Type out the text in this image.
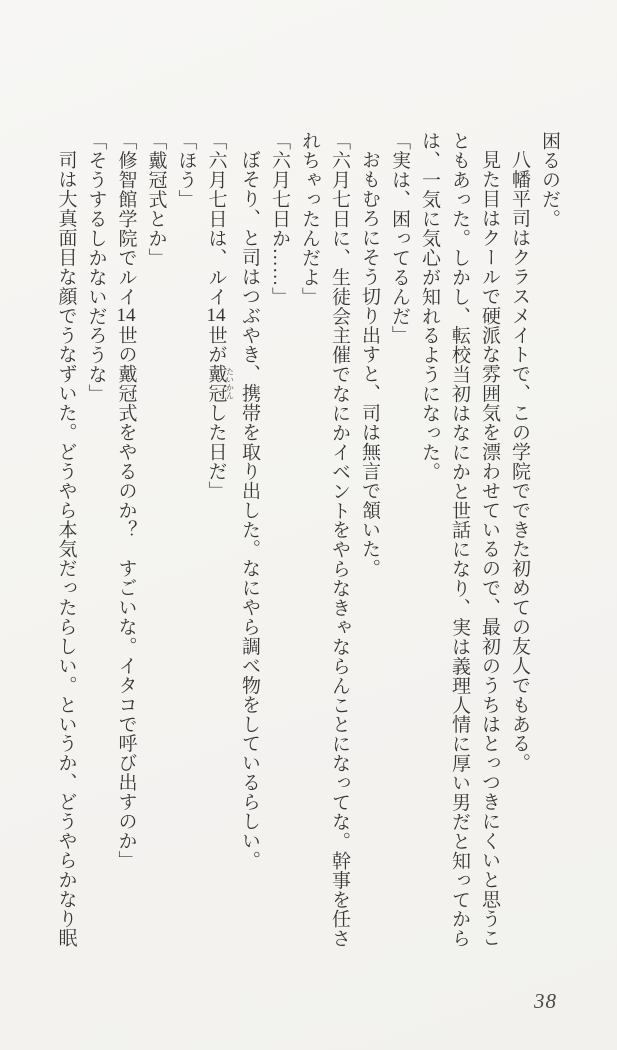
困るのだ。

八幡平司はクラスメイトで、この学院でできた初めての友人でもある。

見た目はクールで硬派な雰囲気を漂わせているので、最初のうちはとっつきにくいと思うこ

ともあった。しかし、転校当初はなにかと世話になり、実は義理人情に厚い男だと知ってから

は、一気に気心が知れるようになった。

「実は、困ってるんだ」

おもむろにそう切り出すと、司は無言で頷いた。

「六月七日に、生徒会主催でなにかイベントをやらなきゃならんことになってな。幹事を任さ

れちゃったんだよ」

「六月七日か……」

ぼそり、と司はつぶやき、携帯を取り出した。なにやら調べ物をしているらしい。

「六月七日は、ルイ14世が戴冠 たいかんした日だ」

「ほう」

「戴冠式とか」

「修智館学院でルイ14世の戴冠式をやるのか？　すごいな。イタコで呼び出すのか」

「そうするしかないだろうな」

司は大真面目な顔でうなずいた。どうやら本気だったらしい。というか、どうやらかなり眠

38
